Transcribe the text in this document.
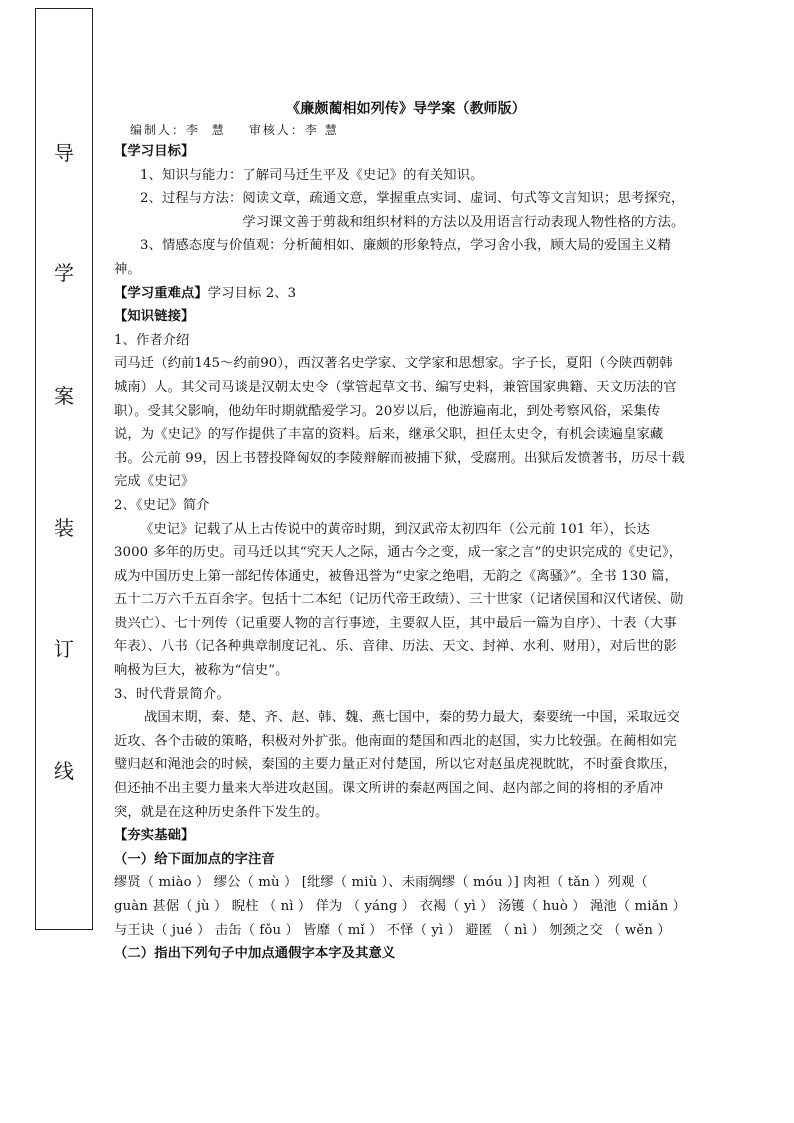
导
学
案
装
订
线

《廉颇蔺相如列传》导学案（教师版）

编制人：李  慧    审核人：李 慧
【学习目标】
1、知识与能力： 了解司马迁生平及《史记》的有关知识。
2、过程与方法： 阅读文章，疏通文意，掌握重点实词、虚词、句式等文言知识；思考探究，学习课文善于剪裁和组织材料的方法以及用语言行动表现人物性格的方法。

3、情感态度与价值观：分析蔺相如、廉颇的形象特点，学习舍小我，顾大局的爱国主义精神。

【学习重难点】学习目标 2、3
【知识链接】
1、作者介绍

司马迁（约前145～约前90），西汉著名史学家、文学家和思想家。字子长，夏阳（今陕西朝韩城南）人。其父司马谈是汉朝太史令（掌管起草文书、编写史料，兼管国家典籍、天文历法的官职）。受其父影响，他幼年时期就酷爱学习。20岁以后，他游遍南北，到处考察风俗，采集传说，为《史记》的写作提供了丰富的资料。后来，继承父职，担任太史令，有机会读遍皇家藏书。公元前 99，因上书替投降匈奴的李陵辩解而被捕下狱，受腐刑。出狱后发愤著书，历尽十载完成《史记》

2、《史记》简介

《史记》记载了从上古传说中的黄帝时期，到汉武帝太初四年（公元前 101 年），长达 3000 多年的历史。司马迁以其“究天人之际，通古今之变，成一家之言”的史识完成的《史记》，成为中国历史上第一部纪传体通史，被鲁迅誉为“史家之绝唱，无韵之《离骚》”。全书 130 篇，五十二万六千五百余字。包括十二本纪（记历代帝王政绩）、三十世家（记诸侯国和汉代诸侯、勋贵兴亡）、七十列传（记重要人物的言行事迹，主要叙人臣，其中最后一篇为自序）、十表（大事年表）、八书（记各种典章制度记礼、乐、音律、历法、天文、封禅、水利、财用），对后世的影响极为巨大，被称为“信史”。

3、时代背景简介。

战国末期，秦、楚、齐、赵、韩、魏、燕七国中，秦的势力最大，秦要统一中国，采取远交近攻、各个击破的策略，积极对外扩张。他南面的楚国和西北的赵国，实力比较强。在蔺相如完璧归赵和渑池会的时候，秦国的主要力量正对付楚国，所以它对赵虽虎视眈眈，不时蚕食欺压，但还抽不出主要力量来大举进攻赵国。课文所讲的秦赵两国之间、赵内部之间的将相的矛盾冲突，就是在这种历史条件下发生的。

【夯实基础】
（一）给下面加点的字注音

缪贤（ miào ） 缪公（ mù ） [纰缪（ miù ）、未雨绸缪（ móu ）] 肉袒（ tǎn ）列观（ guàn 甚倨（ jù ） 睨柱 （ nì ） 佯为 （ yáng ） 衣褐（ yì ） 汤镬（ huò ） 渑池（ miǎn ） 与王诀（ jué ） 击缶（ fǒu ） 皆靡（ mǐ ） 不怿（ yì ） 避匿 （ nì ） 刎颈之交 （ wěn ）

（二）指出下列句子中加点通假字本字及其意义
